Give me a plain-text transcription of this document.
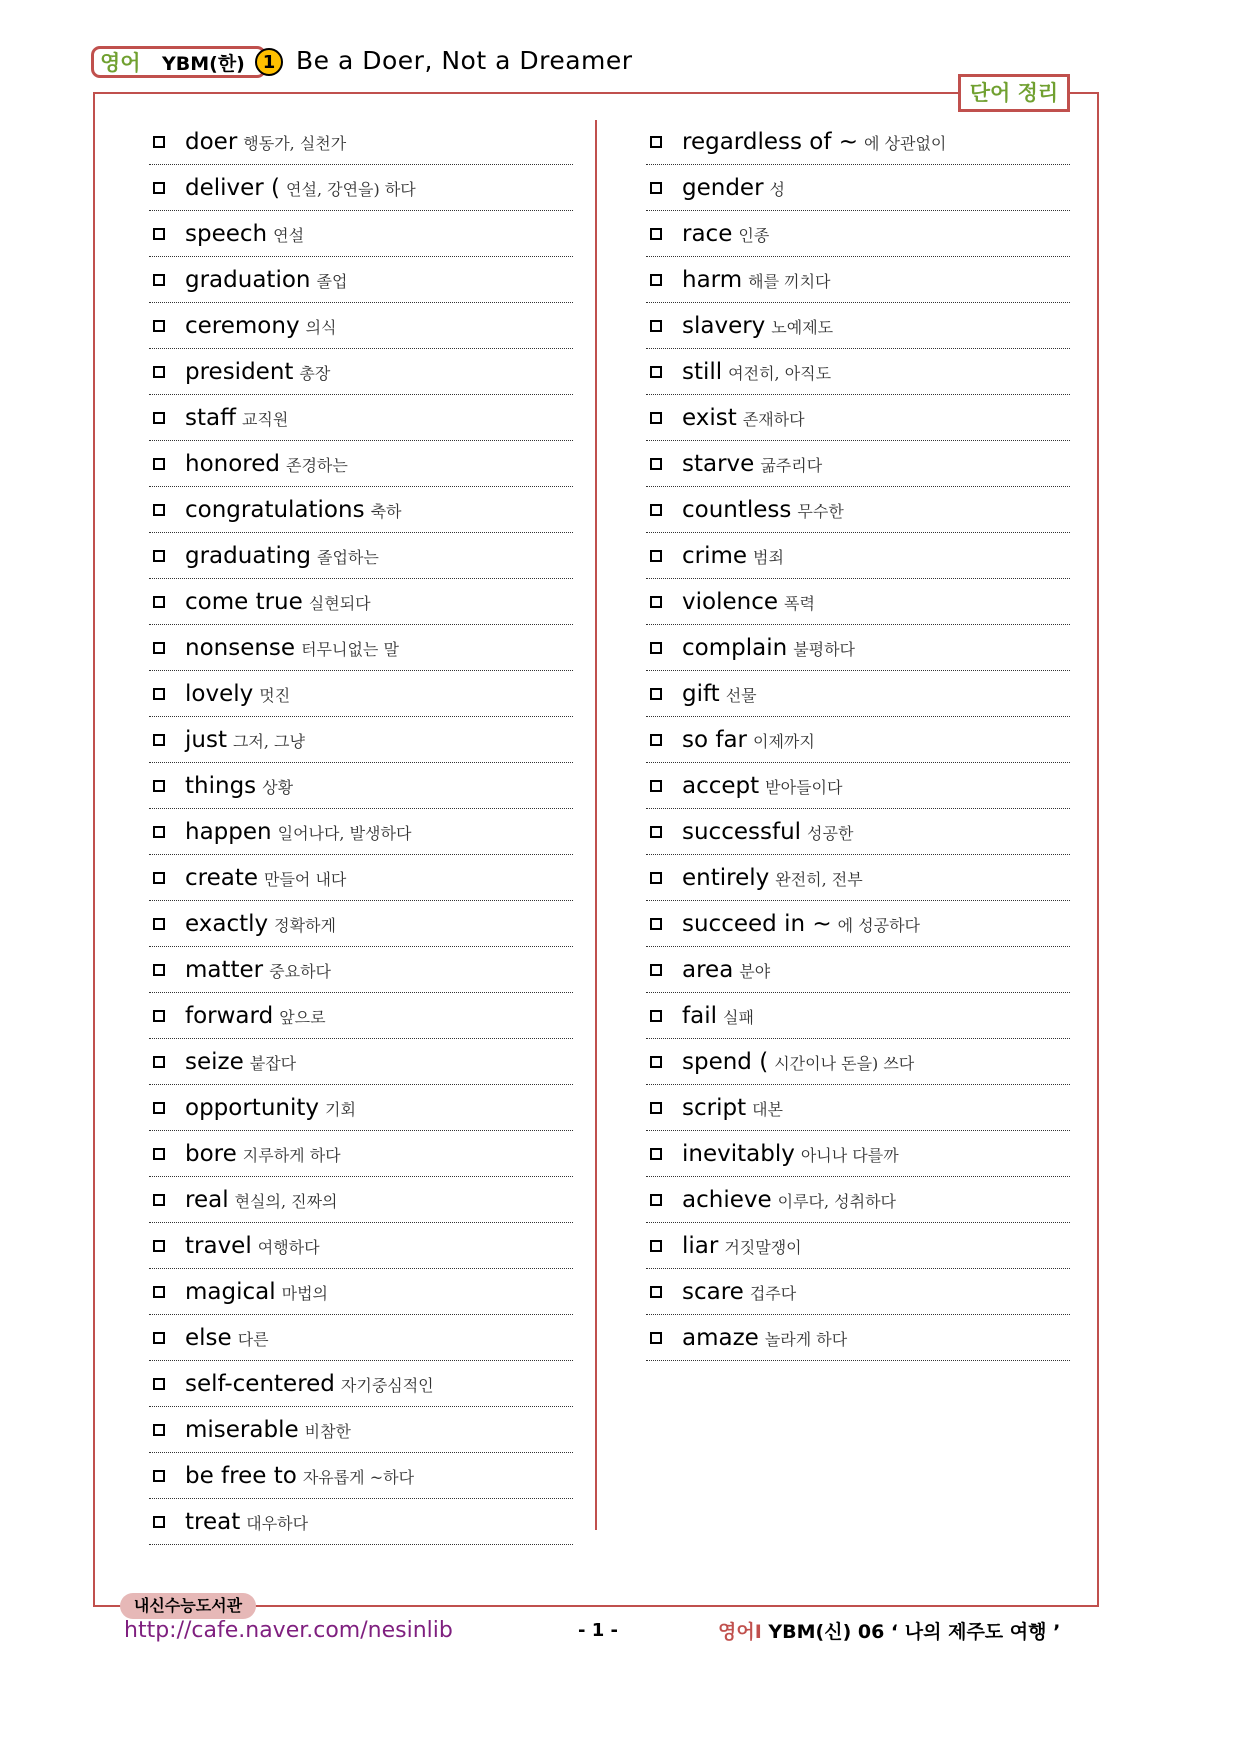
영어 YBM(한) 1 Be a Doer, Not a Dreamer
단어 정리
doer 행동가, 실천가
deliver ( 연설, 강연을) 하다
speech 연설
graduation 졸업
ceremony 의식
president 총장
staff 교직원
honored 존경하는
congratulations 축하
graduating 졸업하는
come true 실현되다
nonsense 터무니없는 말
lovely 멋진
just 그저, 그냥
things 상황
happen 일어나다, 발생하다
create 만들어 내다
exactly 정확하게
matter 중요하다
forward 앞으로
seize 붙잡다
opportunity 기회
bore 지루하게 하다
real 현실의, 진짜의
travel 여행하다
magical 마법의
else 다른
self-centered 자기중심적인
miserable 비참한
be free to 자유롭게 ~하다
treat 대우하다
regardless of ~ 에 상관없이
gender 성
race 인종
harm 해를 끼치다
slavery 노예제도
still 여전히, 아직도
exist 존재하다
starve 굶주리다
countless 무수한
crime 범죄
violence 폭력
complain 불평하다
gift 선물
so far 이제까지
accept 받아들이다
successful 성공한
entirely 완전히, 전부
succeed in ~ 에 성공하다
area 분야
fail 실패
spend ( 시간이나 돈을) 쓰다
script 대본
inevitably 아니나 다를까
achieve 이루다, 성취하다
liar 거짓말쟁이
scare 겁주다
amaze 놀라게 하다
내신수능도서관
http://cafe.naver.com/nesinlib	- 1 -	영어Ⅰ YBM(신) 06 ‘ 나의 제주도 여행 ’
